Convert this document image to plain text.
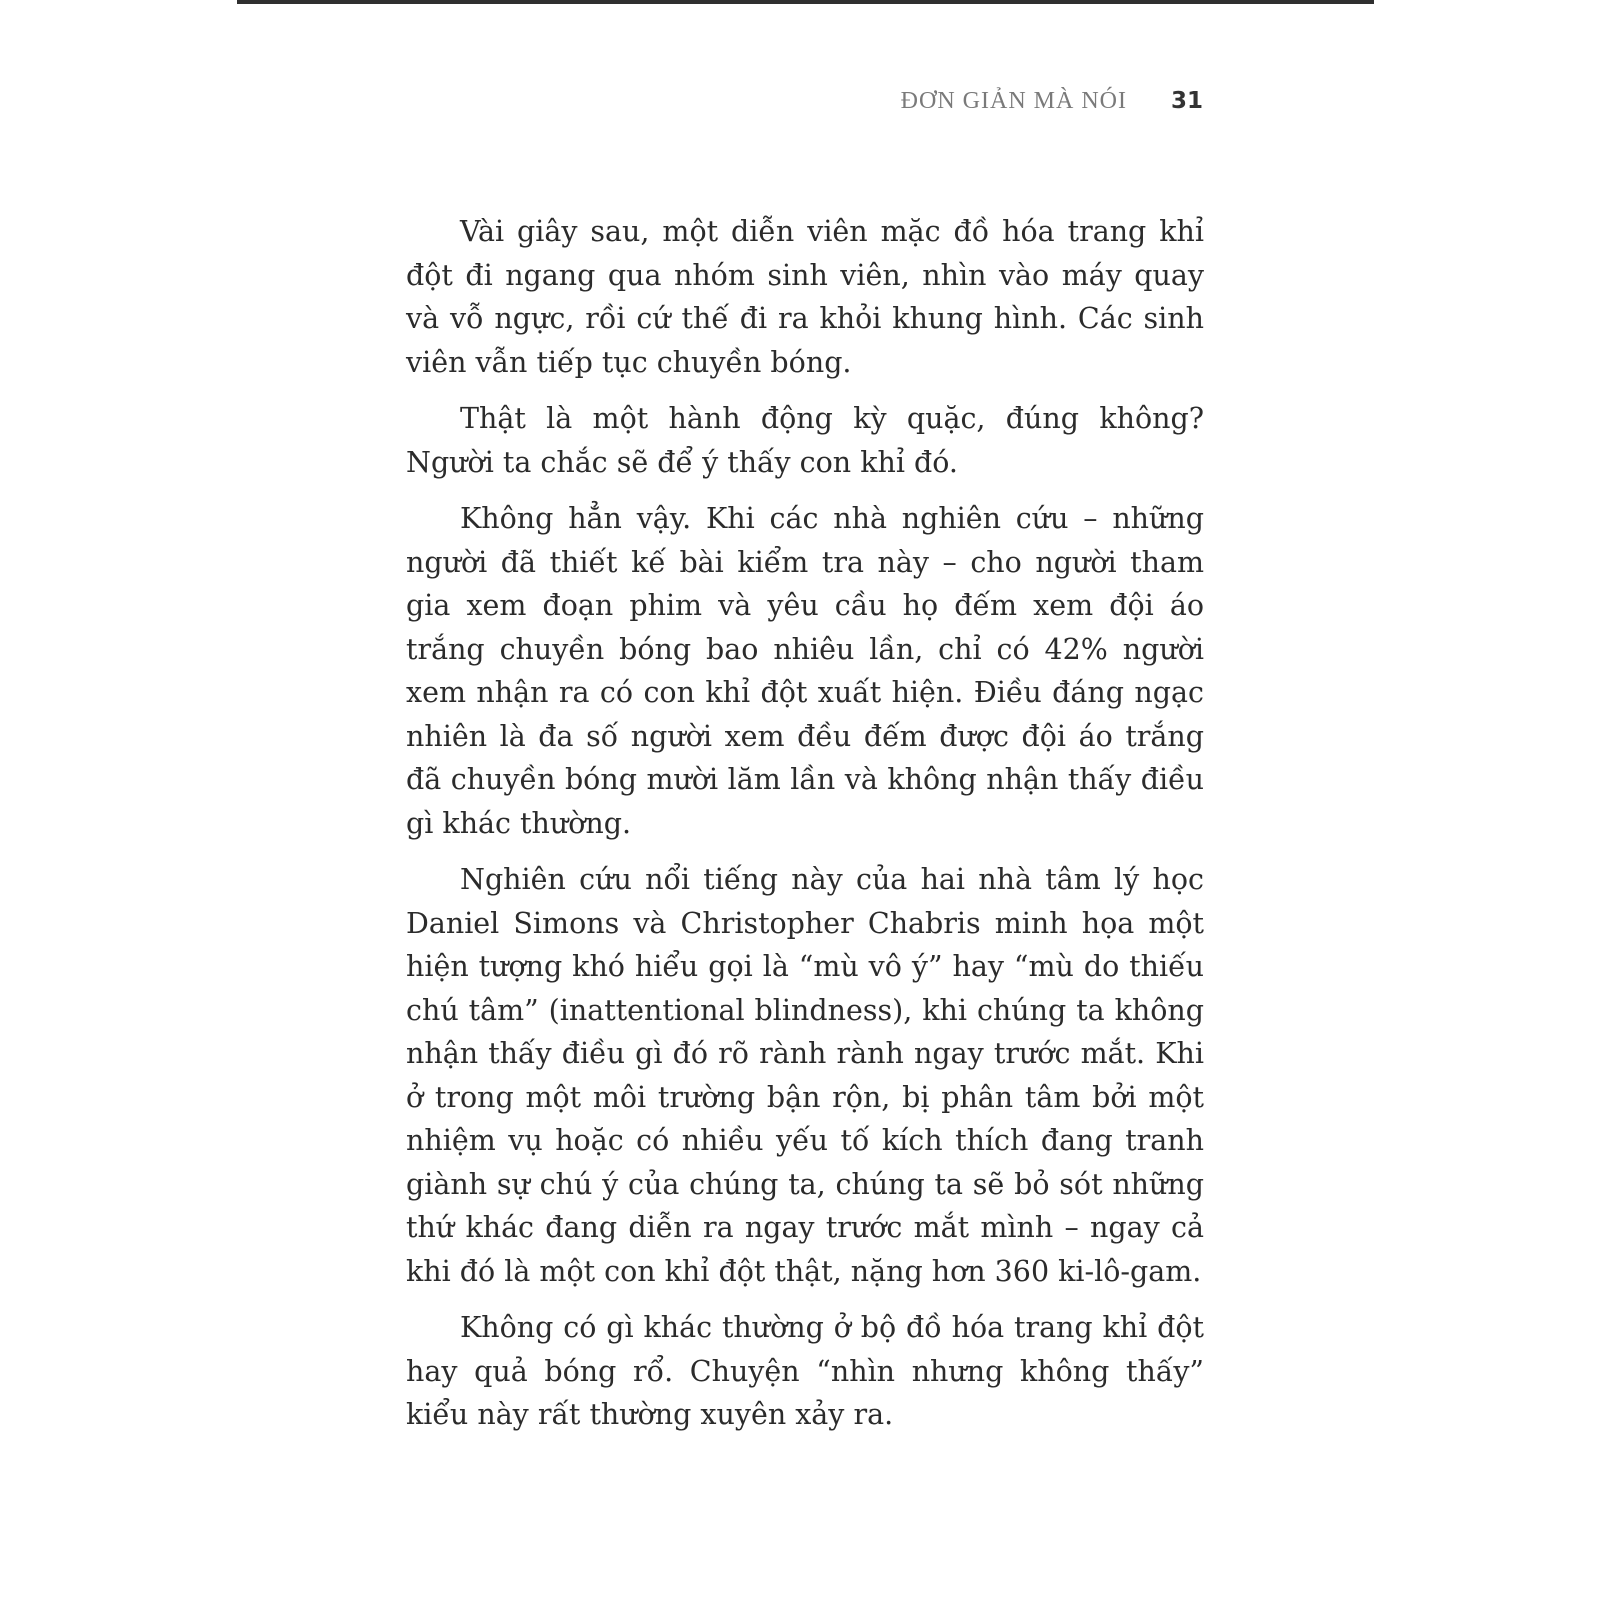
ĐƠN GIẢN MÀ NÓI 31

Vài giây sau, một diễn viên mặc đồ hóa trang khỉ đột đi ngang qua nhóm sinh viên, nhìn vào máy quay và vỗ ngực, rồi cứ thế đi ra khỏi khung hình. Các sinh viên vẫn tiếp tục chuyền bóng.

Thật là một hành động kỳ quặc, đúng không? Người ta chắc sẽ để ý thấy con khỉ đó.

Không hẳn vậy. Khi các nhà nghiên cứu – những người đã thiết kế bài kiểm tra này – cho người tham gia xem đoạn phim và yêu cầu họ đếm xem đội áo trắng chuyền bóng bao nhiêu lần, chỉ có 42% người xem nhận ra có con khỉ đột xuất hiện. Điều đáng ngạc nhiên là đa số người xem đều đếm được đội áo trắng đã chuyền bóng mười lăm lần và không nhận thấy điều gì khác thường.

Nghiên cứu nổi tiếng này của hai nhà tâm lý học Daniel Simons và Christopher Chabris minh họa một hiện tượng khó hiểu gọi là “mù vô ý” hay “mù do thiếu chú tâm” (inattentional blindness), khi chúng ta không nhận thấy điều gì đó rõ rành rành ngay trước mắt. Khi ở trong một môi trường bận rộn, bị phân tâm bởi một nhiệm vụ hoặc có nhiều yếu tố kích thích đang tranh giành sự chú ý của chúng ta, chúng ta sẽ bỏ sót những thứ khác đang diễn ra ngay trước mắt mình – ngay cả khi đó là một con khỉ đột thật, nặng hơn 360 ki-lô-gam.

Không có gì khác thường ở bộ đồ hóa trang khỉ đột hay quả bóng rổ. Chuyện “nhìn nhưng không thấy” kiểu này rất thường xuyên xảy ra.
